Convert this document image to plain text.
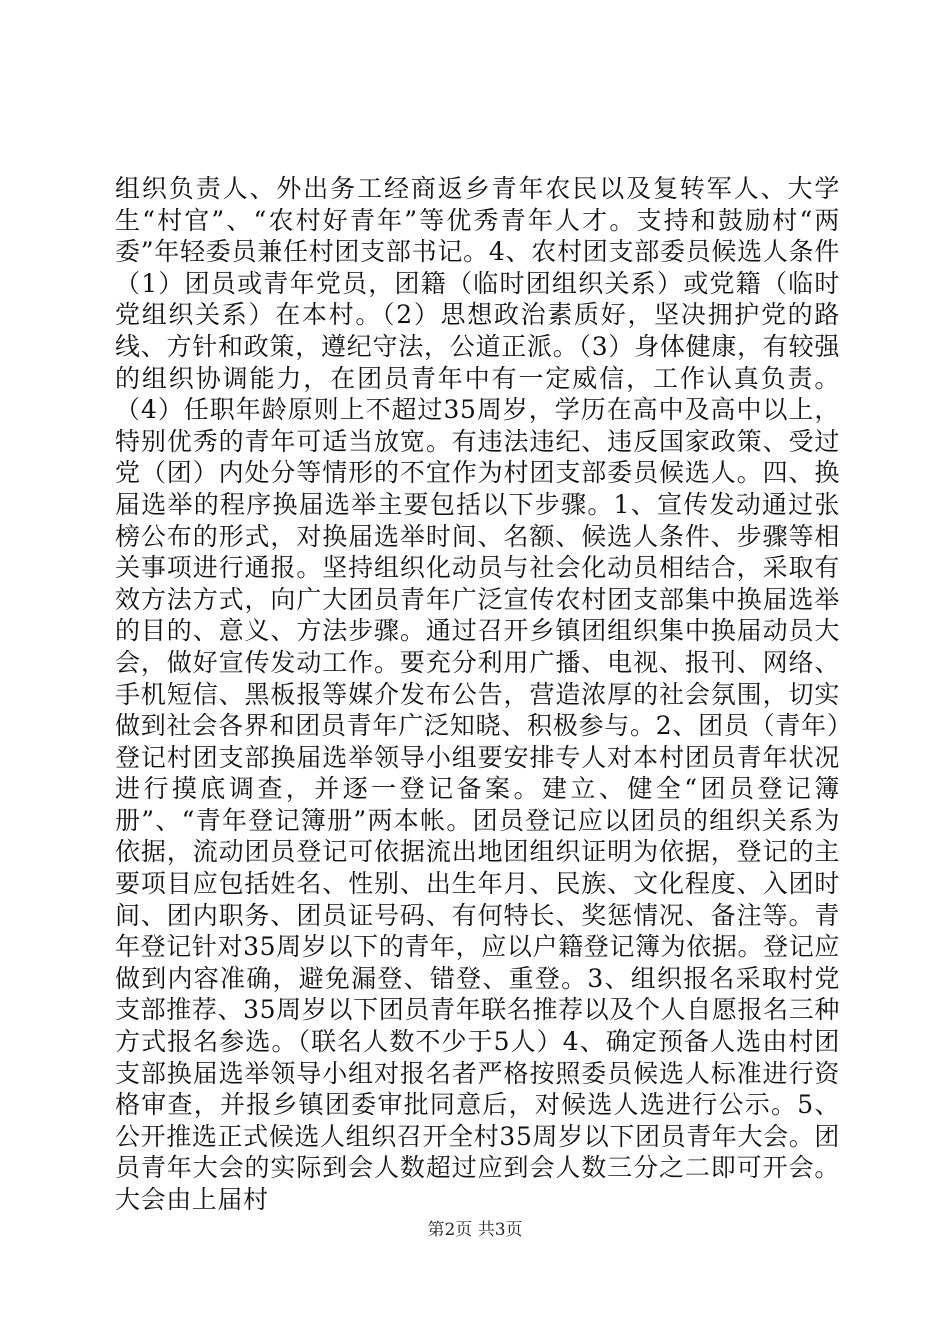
组织负责人、外出务工经商返乡青年农民以及复转军人、大学生“村官”、“农村好青年”等优秀青年人才。支持和鼓励村“两委”年轻委员兼任村团支部书记。4、农村团支部委员候选人条件（1）团员或青年党员，团籍（临时团组织关系）或党籍（临时党组织关系）在本村。（2）思想政治素质好，坚决拥护党的路线、方针和政策，遵纪守法，公道正派。（3）身体健康，有较强的组织协调能力，在团员青年中有一定威信，工作认真负责。（4）任职年龄原则上不超过35周岁，学历在高中及高中以上，特别优秀的青年可适当放宽。有违法违纪、违反国家政策、受过党（团）内处分等情形的不宜作为村团支部委员候选人。四、换届选举的程序换届选举主要包括以下步骤。1、宣传发动通过张榜公布的形式，对换届选举时间、名额、候选人条件、步骤等相关事项进行通报。坚持组织化动员与社会化动员相结合，采取有效方法方式，向广大团员青年广泛宣传农村团支部集中换届选举的目的、意义、方法步骤。通过召开乡镇团组织集中换届动员大会，做好宣传发动工作。要充分利用广播、电视、报刊、网络、手机短信、黑板报等媒介发布公告，营造浓厚的社会氛围，切实做到社会各界和团员青年广泛知晓、积极参与。2、团员（青年）登记村团支部换届选举领导小组要安排专人对本村团员青年状况进行摸底调查，并逐一登记备案。建立、健全“团员登记簿册”、“青年登记簿册”两本帐。团员登记应以团员的组织关系为依据，流动团员登记可依据流出地团组织证明为依据，登记的主要项目应包括姓名、性别、出生年月、民族、文化程度、入团时间、团内职务、团员证号码、有何特长、奖惩情况、备注等。青年登记针对35周岁以下的青年，应以户籍登记簿为依据。登记应做到内容准确，避免漏登、错登、重登。3、组织报名采取村党支部推荐、35周岁以下团员青年联名推荐以及个人自愿报名三种方式报名参选。（联名人数不少于5人）4、确定预备人选由村团支部换届选举领导小组对报名者严格按照委员候选人标准进行资格审查，并报乡镇团委审批同意后，对候选人选进行公示。5、公开推选正式候选人组织召开全村35周岁以下团员青年大会。团员青年大会的实际到会人数超过应到会人数三分之二即可开会。大会由上届村

第2页 共3页
